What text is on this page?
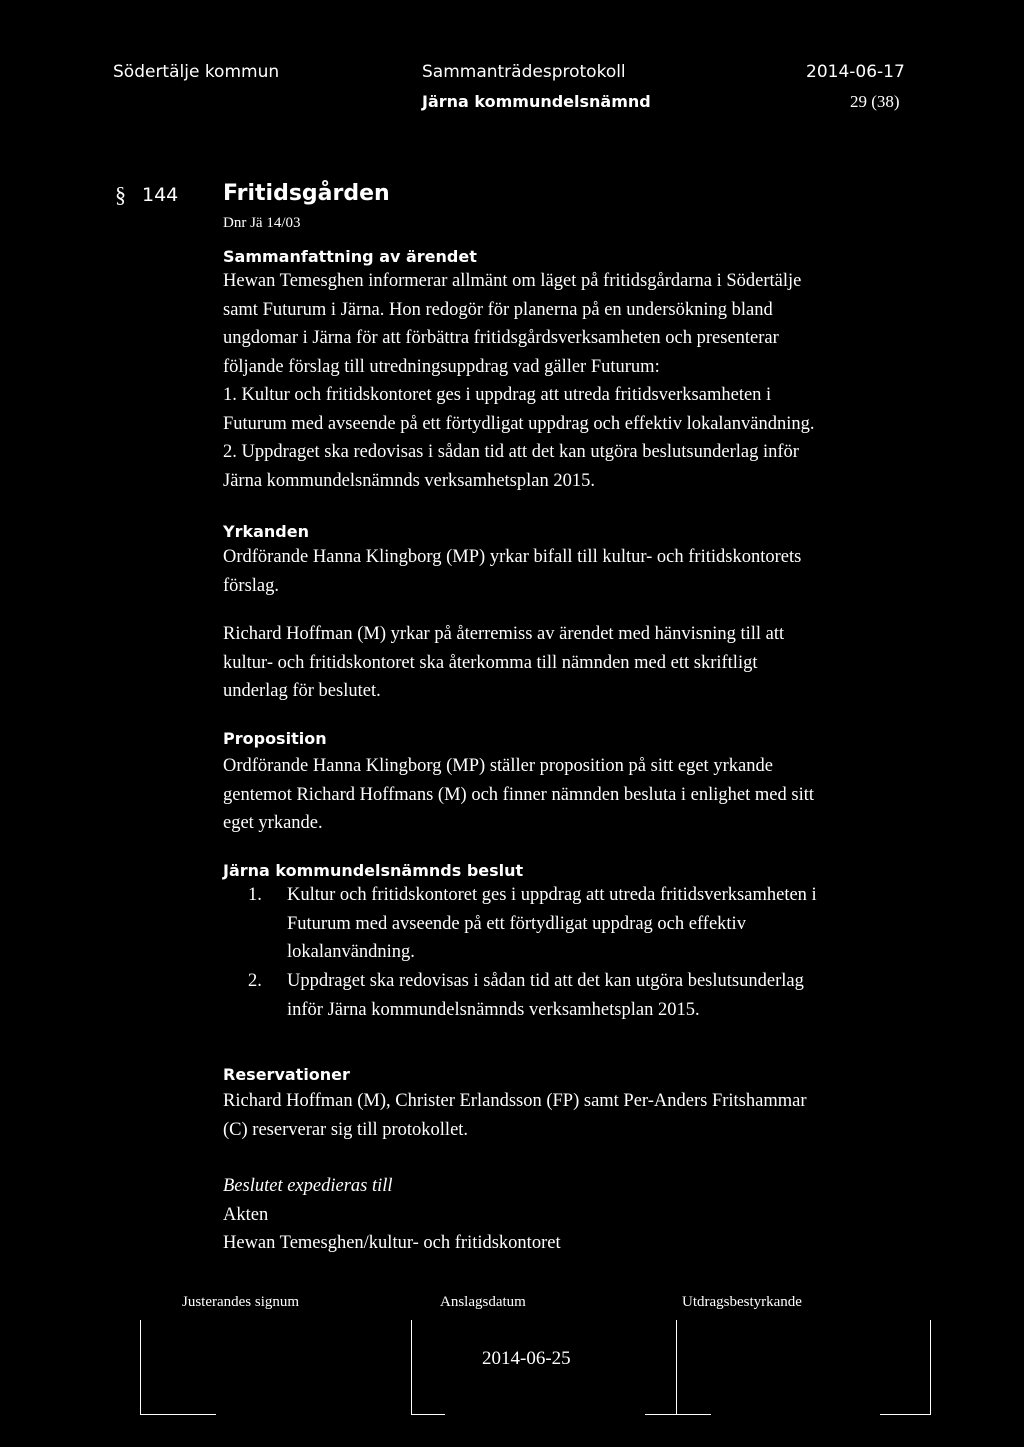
Södertälje kommun	Sammanträdesprotokoll	2014-06-17
Järna kommundelsnämnd	29 (38)
§ 144 Fritidsgården
Dnr Jä 14/03
Sammanfattning av ärendet
Hewan Temesghen informerar allmänt om läget på fritidsgårdarna i Södertälje
samt Futurum i Järna. Hon redogör för planerna på en undersökning bland
ungdomar i Järna för att förbättra fritidsgårdsverksamheten och presenterar
följande förslag till utredningsuppdrag vad gäller Futurum:
1. Kultur och fritidskontoret ges i uppdrag att utreda fritidsverksamheten i
Futurum med avseende på ett förtydligat uppdrag och effektiv lokalanvändning.
2. Uppdraget ska redovisas i sådan tid att det kan utgöra beslutsunderlag inför
Järna kommundelsnämnds verksamhetsplan 2015.
Yrkanden
Ordförande Hanna Klingborg (MP) yrkar bifall till kultur- och fritidskontorets
förslag.
Richard Hoffman (M) yrkar på återremiss av ärendet med hänvisning till att
kultur- och fritidskontoret ska återkomma till nämnden med ett skriftligt
underlag för beslutet.
Proposition
Ordförande Hanna Klingborg (MP) ställer proposition på sitt eget yrkande
gentemot Richard Hoffmans (M) och finner nämnden besluta i enlighet med sitt
eget yrkande.
Järna kommundelsnämnds beslut
1. Kultur och fritidskontoret ges i uppdrag att utreda fritidsverksamheten i
Futurum med avseende på ett förtydligat uppdrag och effektiv
lokalanvändning.
2. Uppdraget ska redovisas i sådan tid att det kan utgöra beslutsunderlag
inför Järna kommundelsnämnds verksamhetsplan 2015.
Reservationer
Richard Hoffman (M), Christer Erlandsson (FP) samt Per-Anders Fritshammar
(C) reserverar sig till protokollet.
Beslutet expedieras till
Akten
Hewan Temesghen/kultur- och fritidskontoret
Justerandes signum	Anslagsdatum	Utdragsbestyrkande
2014-06-25
